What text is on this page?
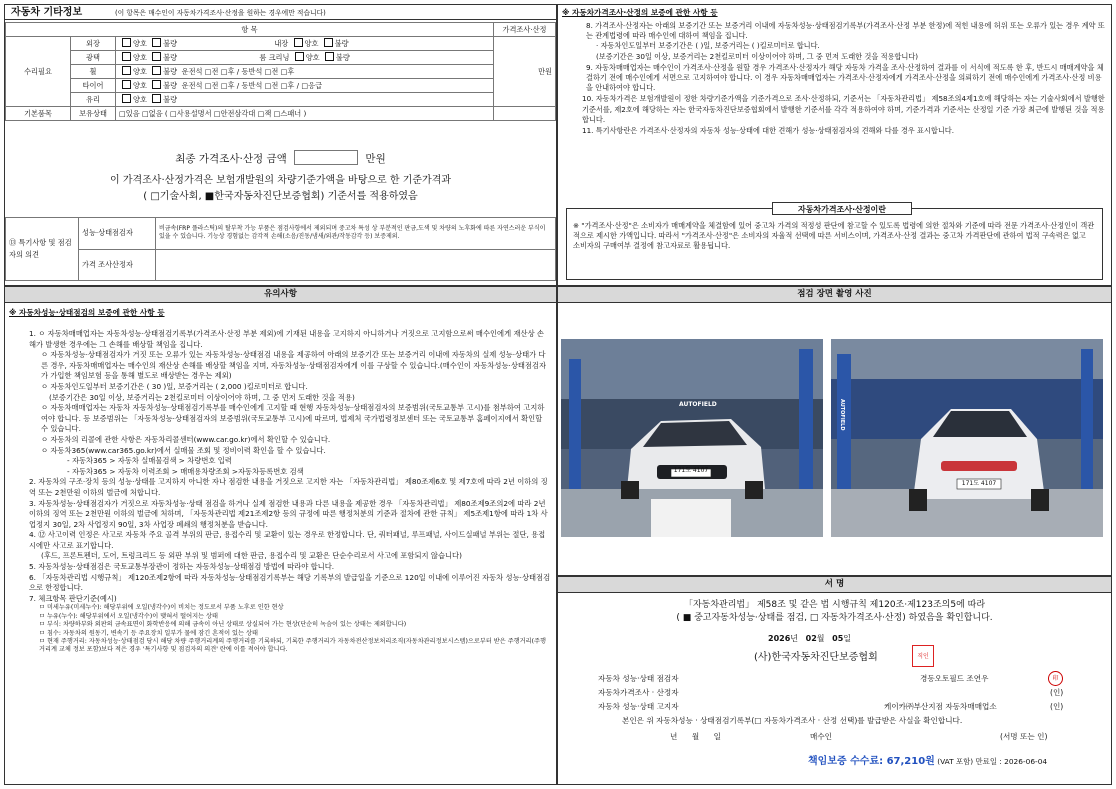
자동차 기타정보	(이 항목은 매수인이 자동차가격조사·산정을 원하는 경우에만 적습니다)
항 목			가격조사·산정
수리필요	외장	양호 불량 내장 양호 불량	만원
	광택	양호 불량 룸 크리닝 양호 불량	
	휠	양호 불량  운전석 □전 □후 / 동반석 □전 □후	
	타이어	양호 불량  운전석 □전 □후 / 동반석 □전 □후 / □응급	
	유리	양호 불량	
기본품목	보유상태	□있음 □없음 ( □사용설명서 □안전삼각대 □잭 □스패너 )	
최종 가격조사·산정 금액	만원
이 가격조사·산정가격은 보험개발원의 차량기준가액을 바탕으로 한 기준가격과
( □기술사회, ■한국자동차진단보증협회) 기준서를 적용하였음
⑬ 특기사항 및 점검자의 의견	성능·상태점검자	비금속(FRP 플라스틱)의 탈부착 가능 부품은 점검사항에서 제외되며 중고차 특성 상 부분적인 판금,도색 및 차량의 노후화에 따른 자연스러운 부식이 있을 수 있습니다. 기능상 경험없는 감각적 손해(소음/진동/냄새/외관/작동감각 등) 보증제외.
	가격 조사산정자	
※ 자동차가격조사·산정의 보증에 관한 사항 등
8. 가격조사·산정자는 아래의 보증기간 또는 보증거리 이내에 자동차성능·상태점검기록부(가격조사·산정 부분 한정)에 적힌 내용에 허위 또는 오류가 있는 경우 계약 또는 관계법령에 따라 매수인에 대하여 책임을 집니다.
· 자동차인도일부터 보증기간은 ( )일, 보증거리는 ( )킬로미터로 합니다.
(보증기간은 30일 이상, 보증거리는 2천킬로미터 이상이어야 하며, 그 중 먼저 도래한 것을 적용합니다)
9. 자동차매매업자는 매수인이 가격조사·산정을 원할 경우 가격조사·산정자가 해당 자동차 가격을 조사·산정하여 결과를 이 서식에 적도록 한 후, 반드시 매매계약을 체결하기 전에 매수인에게 서면으로 고지하여야 합니다. 이 경우 자동차매매업자는 가격조사·산정자에게 가격조사·산정을 의뢰하기 전에 매수인에게 가격조사·산정 비용을 안내하여야 합니다.
10. 자동차가격은 보험개발원이 정한 차량기준가액을 기준가격으로 조사·산정하되, 기준서는 「자동차관리법」 제58조의4제1호에 해당하는 자는 기술사회에서 발행한 기준서를, 제2호에 해당하는 자는 한국자동차진단보증협회에서 발행한 기준서를 각각 적용하여야 하며, 기준가격과 기준서는 산정일 기준 가장 최근에 발행된 것을 적용합니다.
11. 특기사항란은 가격조사·산정자의 자동차 성능·상태에 대한 견해가 성능·상태점검자의 견해와 다를 경우 표시합니다.
자동차가격조사·산정이란
※ "가격조사·산정"은 소비자가 매매계약을 체결함에 있어 중고차 가격의 적정성 판단에 참고할 수 있도록 법령에 의한 절차와 기준에 따라 전문 가격조사·산정인이 객관적으로 제시한 가액입니다. 따라서 "가격조사·산정"은 소비자의 자율적 선택에 따른 서비스이며, 가격조사·산정 결과는 중고차 가격판단에 관하여 법적 구속력은 없고 소비자의 구매여부 결정에 참고자료로 활용됩니다.
유의사항
※ 자동차성능·상태점검의 보증에 관한 사항 등
1. ㅇ 자동차매매업자는 자동차성능·상태점검기록부(가격조사·산정 부분 제외)에 기재된 내용을 고지하지 아니하거나 거짓으로 고지함으로써 매수인에게 재산상 손해가 발생한 경우에는 그 손해를 배상할 책임을 집니다.
ㅇ 자동차성능·상태점검자가 거짓 또는 오류가 있는 자동차성능·상태점검 내용을 제공하여 아래의 보증기간 또는 보증거리 이내에 자동차의 실제 성능·상태가 다른 경우, 자동차매매업자는 매수인의 재산상 손해를 배상할 책임을 지며, 자동차성능·상태점검자에게 이를 구상할 수 있습니다.(매수인이 자동차성능·상태점검자가 가입한 책임보험 등을 통해 별도로 배상받는 경우는 제외)
ㅇ 자동차인도일부터 보증기간은 ( 30 )일, 보증거리는 ( 2,000 )킬로미터로 합니다.
(보증기간은 30일 이상, 보증거리는 2천킬로미터 이상이어야 하며, 그 중 먼저 도래한 것을 적용)
ㅇ 자동차매매업자는 자동차 자동차성능·상태점검기록부를 매수인에게 고지할 때 현행 자동차성능·상태점검자의 보증범위(국토교통부 고시)를 첨부하여 고지하여야 합니다. 등 보증범위는 「자동차성능·상태점검자의 보증범위(국토교통부 고시)에 따르며, 법제처 국가법령정보센터 또는 국토교통부 홈페이지에서 확인할 수 있습니다.
ㅇ 자동차의 리콜에 관한 사항은 자동차리콜센터(www.car.go.kr)에서 확인할 수 있습니다.
ㅇ 자동차365(www.car365.go.kr)에서 실매물 조회 및 정비이력 확인을 할 수 있습니다.
- 자동차365 > 자동차 실매물검색 > 차량번호 입력
- 자동차365 > 자동차 이력조회 > 매매용차량조회 >자동차등록번호 검색
2. 자동차의 구조·장치 등의 성능·상태를 고지하지 아니한 자나 점검한 내용을 거짓으로 고지한 자는 「자동차관리법」 제80조제6호 및 제7호에 따라 2년 이하의 징역 또는 2천만원 이하의 벌금에 처합니다.
3. 자동차성능·상태점검자가 거짓으로 자동차성능·상태 점검을 하거나 실제 점검한 내용과 다른 내용을 제공한 경우 「자동차관리법」 제80조제9조의2에 따라 2년 이하의 징역 또는 2천만원 이하의 벌금에 처하며, 「자동차관리법 제21조제2항 등의 규정에 따른 행정처분의 기준과 절차에 관한 규칙」 제5조제1항에 따라 1차 사업정지 30일, 2차 사업정지 90일, 3차 사업장 폐쇄의 행정처분을 받습니다.
4. ⑫ 사고이력 인정은 사고로 자동차 주요 골격 부위의 판금, 용접수리 및 교환이 있는 경우로 한정합니다. 단, 쿼터패널, 루프패널, 사이드실패널 부위는 절단, 용접 시에만 사고로 표기합니다.
(후드, 프론트펜더, 도어, 트렁크리드 등 외판 부위 및 범퍼에 대한 판금, 용접수리 및 교환은 단순수리로서 사고에 포함되지 않습니다)
5. 자동차성능·상태점검은 국토교통부장관이 정하는 자동차성능·상태점검 방법에 따라야 합니다.
6. 「자동차관리법 시행규칙」 제120조제2항에 따라 자동차성능·상태점검기록부는 해당 기록부의 발급일을 기준으로 120일 이내에 이루어진 자동차 성능·상태점검으로 한정합니다.
7. 체크항목 판단기준(예시)
ㅁ 미세누유(미세누수): 해당부위에 오일(냉각수)이 비치는 정도로서 부품 노후로 인한 현상
ㅁ 누유(누수): 해당부위에서 오일(냉각수)이 맺혀서 떨어지는 상태
ㅁ 부식: 차량하부와 외판의 금속표면이 화학반응에 의해 금속이 아닌 상태로 상실되어 가는 현상(단순히 녹슴이 있는 상태는 제외합니다)
ㅁ 침수: 자동차의 원동기, 변속기 등 주요장치 일부가 물에 잠긴 흔적이 있는 상태
ㅁ 현재 주행거리: 자동차성능·상태점검 당시 해당 차량 주행거리계의 주행거리를 기록하되, 기록한 주행거리가 자동차전산정보처리조직(자동차관리정보시스템)으로부터 받은 주행거리(주행거리계 교체 정보 포함)보다 적은 경우 '특기사항 및 점검자의 의견' 란에 이를 적어야 합니다.
점검 장면 촬영 사진
171도 4107
AUTOFIELD
171도 4107
AUTOFIELD
서 명
「자동차관리법」 제58조 및 같은 법 시행규칙 제120조·제123조의5에 따라
( ■ 중고자동차성능·상태를 점검, □ 자동차가격조사·산정) 하였음을 확인합니다.
2026년 02월 05일
(사)한국자동차진단보증협회	직인
자동차 성능·상태 점검자	경동오토필드 조연우	印
자동차가격조사 · 산정자	(인)
자동차 성능·상태 고지자	케이카㈜부산지점 자동차매매업소	(인)
본인은 위 자동차성능 · 상태점검기록부(□ 자동차가격조사 · 산정 선택)를 발급받은 사실을 확인합니다.
년      월      일	매수인	(서명 또는 인)
책임보증 수수료: 67,210원 (VAT 포함) 만료일 : 2026-06-04
